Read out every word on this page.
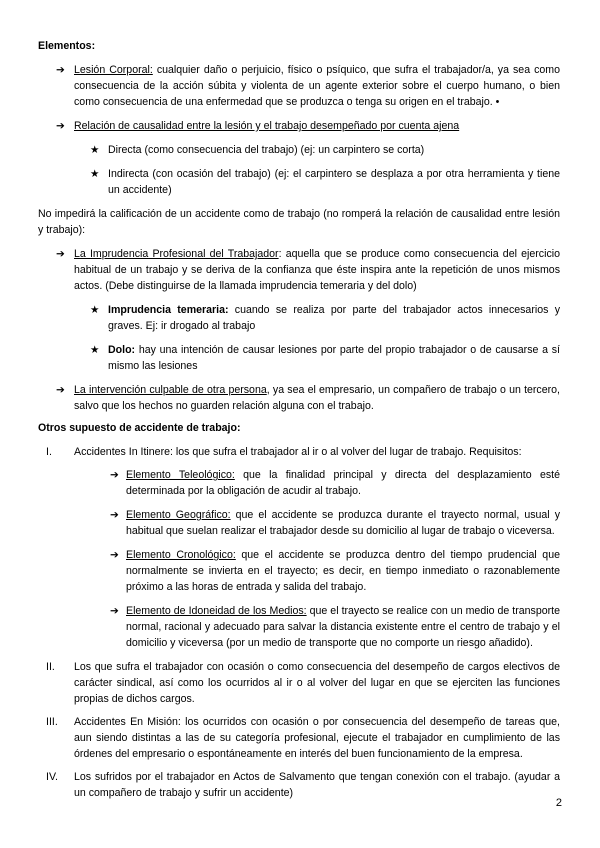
Elementos:
➔ Lesión Corporal: cualquier daño o perjuicio, físico o psíquico, que sufra el trabajador/a, ya sea como consecuencia de la acción súbita y violenta de un agente exterior sobre el cuerpo humano, o bien como consecuencia de una enfermedad que se produzca o tenga su origen en el trabajo. •
➔ Relación de causalidad entre la lesión y el trabajo desempeñado por cuenta ajena
★ Directa (como consecuencia del trabajo) (ej: un carpintero se corta)
★ Indirecta (con ocasión del trabajo) (ej: el carpintero se desplaza a por otra herramienta y tiene un accidente)
No impedirá la calificación de un accidente como de trabajo (no romperá la relación de causalidad entre lesión y trabajo):
➔ La Imprudencia Profesional del Trabajador: aquella que se produce como consecuencia del ejercicio habitual de un trabajo y se deriva de la confianza que éste inspira ante la repetición de unos mismos actos. (Debe distinguirse de la llamada imprudencia temeraria y del dolo)
★ Imprudencia temeraria: cuando se realiza por parte del trabajador actos innecesarios y graves. Ej: ir drogado al trabajo
★ Dolo: hay una intención de causar lesiones por parte del propio trabajador o de causarse a sí mismo las lesiones
➔ La intervención culpable de otra persona, ya sea el empresario, un compañero de trabajo o un tercero, salvo que los hechos no guarden relación alguna con el trabajo.
Otros supuesto de accidente de trabajo:
I.	Accidentes In Itinere: los que sufra el trabajador al ir o al volver del lugar de trabajo. Requisitos:
➔ Elemento Teleológico: que la finalidad principal y directa del desplazamiento esté determinada por la obligación de acudir al trabajo.
➔ Elemento Geográfico: que el accidente se produzca durante el trayecto normal, usual y habitual que suelan realizar el trabajador desde su domicilio al lugar de trabajo o viceversa.
➔ Elemento Cronológico: que el accidente se produzca dentro del tiempo prudencial que normalmente se invierta en el trayecto; es decir, en tiempo inmediato o razonablemente próximo a las horas de entrada y salida del trabajo.
➔ Elemento de Idoneidad de los Medios: que el trayecto se realice con un medio de transporte normal, racional y adecuado para salvar la distancia existente entre el centro de trabajo y el domicilio y viceversa (por un medio de transporte que no comporte un riesgo añadido).
II.	Los que sufra el trabajador con ocasión o como consecuencia del desempeño de cargos electivos de carácter sindical, así como los ocurridos al ir o al volver del lugar en que se ejerciten las funciones propias de dichos cargos.
III.	Accidentes En Misión: los ocurridos con ocasión o por consecuencia del desempeño de tareas que, aun siendo distintas a las de su categoría profesional, ejecute el trabajador en cumplimiento de las órdenes del empresario o espontáneamente en interés del buen funcionamiento de la empresa.
IV.	Los sufridos por el trabajador en Actos de Salvamento que tengan conexión con el trabajo. (ayudar a un compañero de trabajo y sufrir un accidente)
2
